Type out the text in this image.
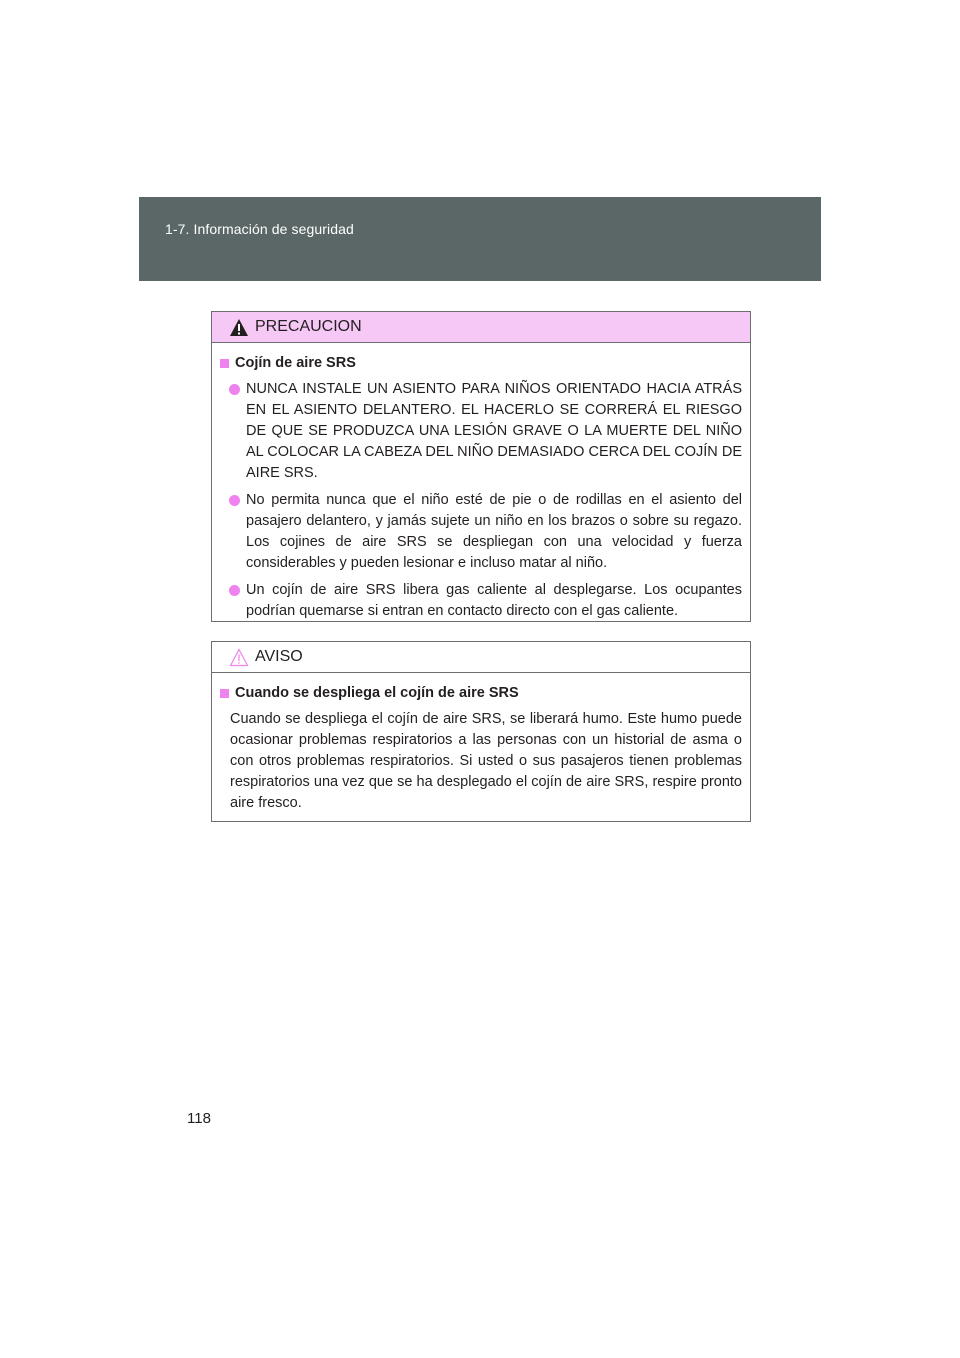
1-7. Información de seguridad
PRECAUCION
Cojín de aire SRS
NUNCA INSTALE UN ASIENTO PARA NIÑOS ORIENTADO HACIA ATRÁS EN EL ASIENTO DELANTERO. EL HACERLO SE CORRERÁ EL RIESGO DE QUE SE PRODUZCA UNA LESIÓN GRAVE O LA MUERTE DEL NIÑO AL COLOCAR LA CABEZA DEL NIÑO DEMASIADO CERCA DEL COJÍN DE AIRE SRS.
No permita nunca que el niño esté de pie o de rodillas en el asiento del pasajero delantero, y jamás sujete un niño en los brazos o sobre su regazo. Los cojines de aire SRS se despliegan con una velocidad y fuerza considerables y pueden lesionar e incluso matar al niño.
Un cojín de aire SRS libera gas caliente al desplegarse. Los ocupantes podrían quemarse si entran en contacto directo con el gas caliente.
AVISO
Cuando se despliega el cojín de aire SRS
Cuando se despliega el cojín de aire SRS, se liberará humo. Este humo puede ocasionar problemas respiratorios a las personas con un historial de asma o con otros problemas respiratorios. Si usted o sus pasajeros tienen problemas respiratorios una vez que se ha desplegado el cojín de aire SRS, respire pronto aire fresco.
118
